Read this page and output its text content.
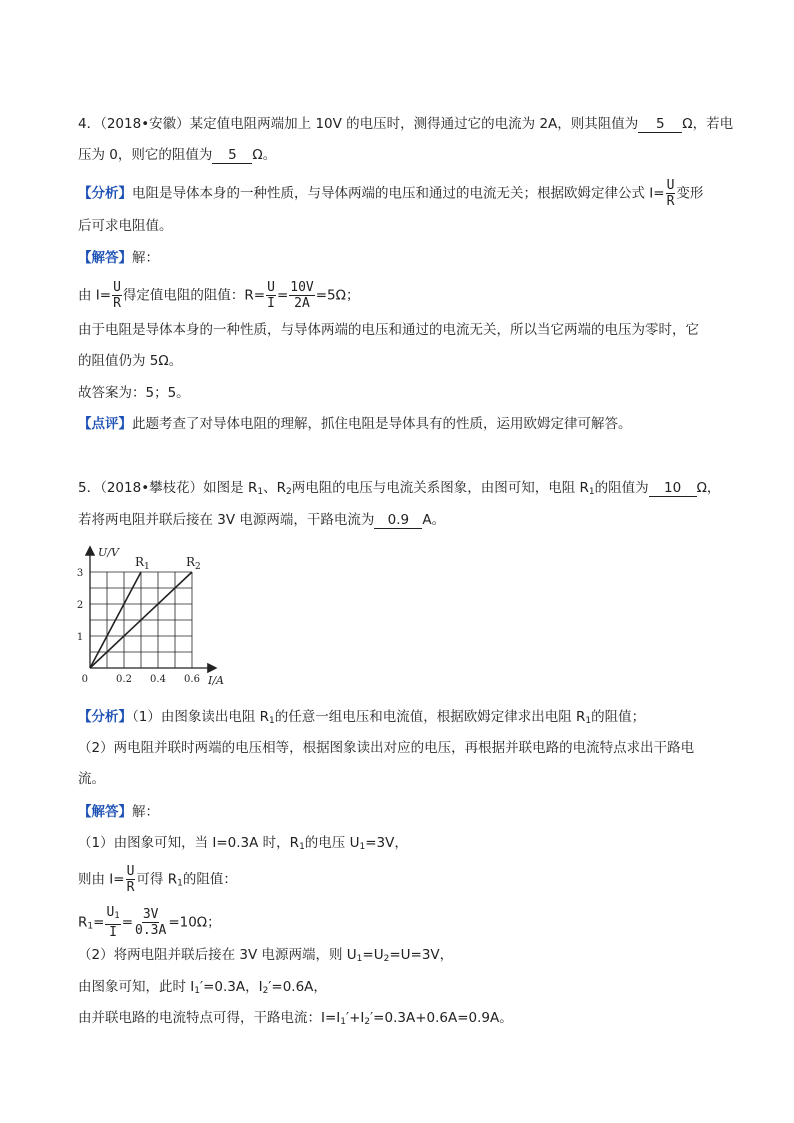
4．（2018•安徽）某定值电阻两端加上 10V 的电压时，测得通过它的电流为 2A，则其阻值为 5 Ω，若电
压为 0，则它的阻值为 5 Ω。
【分析】电阻是导体本身的一种性质，与导体两端的电压和通过的电流无关；根据欧姆定律公式 $I= \frac{U}{R}$ 变形
后可求电阻值。
【解答】解：
由 $I= \frac{U}{R}$ 得定值电阻的阻值：$R= \frac{U}{I} = \frac{10V}{2A} =5\Omega$；
由于电阻是导体本身的一种性质，与导体两端的电压和通过的电流无关，所以当它两端的电压为零时，它
的阻值仍为 5Ω。
故答案为：5；5。
【点评】此题考查了对导体电阻的理解，抓住电阻是导体具有的性质，运用欧姆定律可解答。
5．（2018•攀枝花）如图是 $R_1$、$R_2$两电阻的电压与电流关系图象，由图可知，电阻 $R_1$的阻值为 10 Ω，
若将两电阻并联后接在 3V 电源两端，干路电流为 0.9 A。
$R_1$	$R_2$
1
2
3
0.2 0.4 0.6
0
U/V
I/A
【分析】（1）由图象读出电阻 $R_1$的任意一组电压和电流值，根据欧姆定律求出电阻 $R_1$的阻值；
（2）两电阻并联时两端的电压相等，根据图象读出对应的电压，再根据并联电路的电流特点求出干路电
流。
【解答】解：
（1）由图象可知，当 I=0.3A 时，$R_1$的电压 $U_1=3V$，
则由 $I= \frac{U}{R}$ 可得 $R_1$的阻值：
$R_1= \frac{U_1}{I} = \frac{3V}{0.3A} =10\Omega$；
（2）将两电阻并联后接在 3V 电源两端，则 $U_1=U_2=U=3V$，
由图象可知，此时 $I_1'=0.3A$，$I_2'=0.6A$，
由并联电路的电流特点可得，干路电流：$I=I_1'+I_2'=0.3A+0.6A=0.9A$。
